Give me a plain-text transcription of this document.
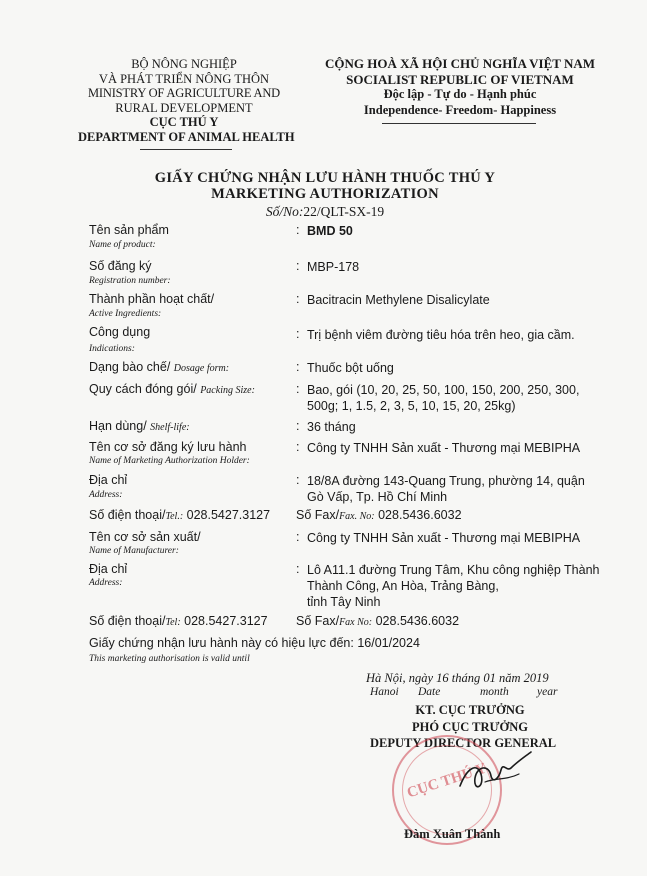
BỘ NÔNG NGHIỆP
VÀ PHÁT TRIỂN NÔNG THÔN
MINISTRY OF AGRICULTURE AND
RURAL DEVELOPMENT
CỤC THÚ Y
DEPARTMENT OF ANIMAL HEALTH
CỘNG HOÀ XÃ HỘI CHỦ NGHĨA VIỆT NAM
SOCIALIST REPUBLIC OF VIETNAM
Độc lập - Tự do - Hạnh phúc
Independence- Freedom- Happiness
GIẤY CHỨNG NHẬN LƯU HÀNH THUỐC THÚ Y
MARKETING AUTHORIZATION
Số/No:22/QLT-SX-19
Tên sản phẩm
Name of product:
: BMD 50
Số đăng ký
Registration number:
: MBP-178
Thành phần hoạt chất/
Active Ingredients:
: Bacitracin Methylene Disalicylate
Công dụng
Indications:
: Trị bệnh viêm đường tiêu hóa trên heo, gia cầm.
Dạng bào chế/ Dosage form:	: Thuốc bột uống
Quy cách đóng gói/ Packing Size:	: Bao, gói (10, 20, 25, 50, 100, 150, 200, 250, 300,
500g; 1, 1.5, 2, 3, 5, 10, 15, 20, 25kg)
Hạn dùng/ Shelf-life:	: 36 tháng
Tên cơ sở đăng ký lưu hành
Name of Marketing Authorization Holder:
: Công ty TNHH Sản xuất - Thương mại MEBIPHA
Địa chỉ
Address:
: 18/8A đường 143-Quang Trung, phường 14, quận
Gò Vấp, Tp. Hồ Chí Minh
Số điện thoại/Tel.: 028.5427.3127 Số Fax/Fax. No: 028.5436.6032
Tên cơ sở sản xuất/
Name of Manufacturer:
: Công ty TNHH Sản xuất - Thương mại MEBIPHA
Địa chỉ
Address:
: Lô A11.1 đường Trung Tâm, Khu công nghiệp Thành
Thành Công, An Hòa, Trảng Bàng,
tỉnh Tây Ninh
Số điện thoại/Tel: 028.5427.3127 Số Fax/Fax No: 028.5436.6032
Giấy chứng nhận lưu hành này có hiệu lực đến: 16/01/2024
This marketing authorisation is valid until
Hà Nội, ngày 16 tháng 01 năm 2019
Hanoi Date	month year
KT. CỤC TRƯỞNG
PHÓ CỤC TRƯỞNG
DEPUTY DIRECTOR GENERAL
CỤC THÚ Y
Đàm Xuân Thành
